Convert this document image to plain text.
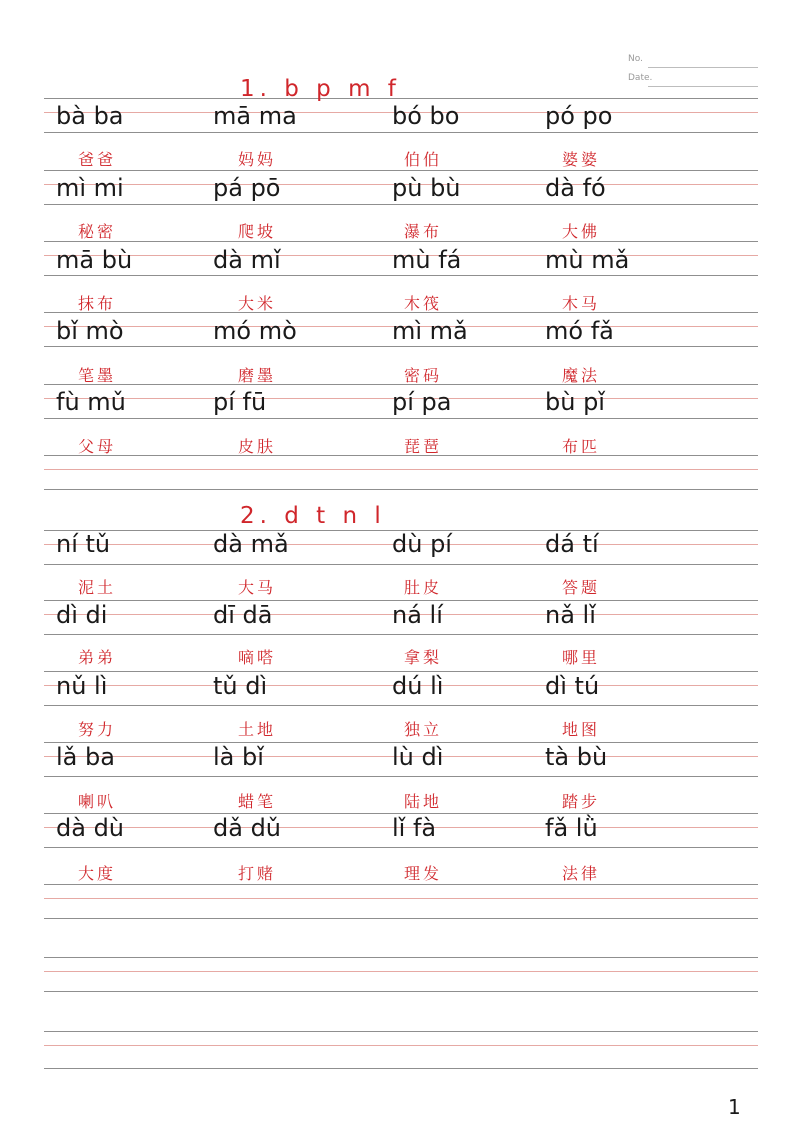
No.
Date.
1. b p m f
2. d t n l
bà ba	mā ma	bó bo	pó po
爸爸	妈妈	伯伯	婆婆
mì mi	pá pō	pù bù	dà fó
秘密	爬坡	瀑布	大佛
mā bù	dà mǐ	mù fá	mù mǎ
抹布	大米	木筏	木马
bǐ mò	mó mò	mì mǎ	mó fǎ
笔墨	磨墨	密码	魔法
fù mǔ	pí fū	pí pa	bù pǐ
父母	皮肤	琵琶	布匹
ní tǔ	dà mǎ	dù pí	dá tí
泥土	大马	肚皮	答题
dì di	dī dā	ná lí	nǎ lǐ
弟弟	嘀嗒	拿梨	哪里
nǔ lì	tǔ dì	dú lì	dì tú
努力	土地	独立	地图
lǎ ba	là bǐ	lù dì	tà bù
喇叭	蜡笔	陆地	踏步
dà dù	dǎ dǔ	lǐ fà	fǎ lǜ
大度	打赌	理发	法律
1
